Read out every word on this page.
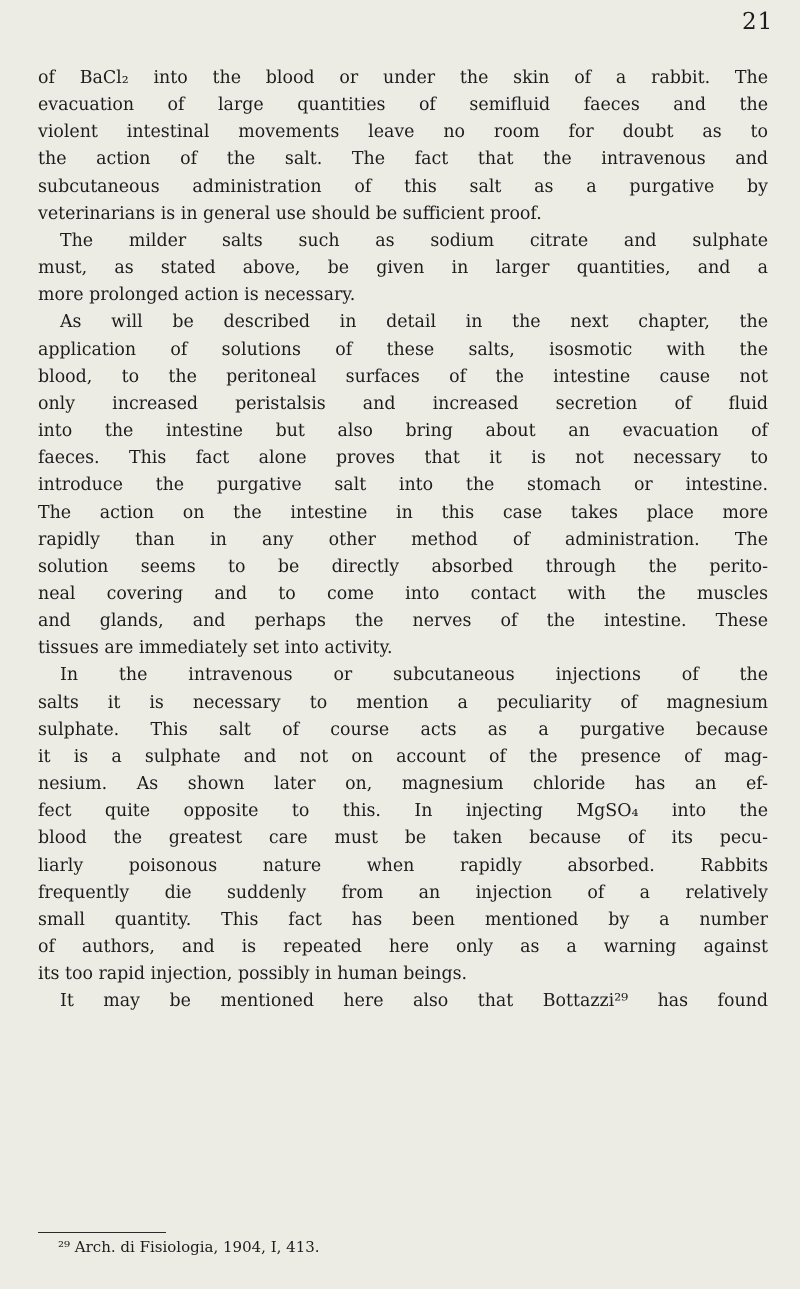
21
of BaCl₂ into the blood or under the skin of a rabbit. The
evacuation of large quantities of semifluid faeces and the
violent intestinal movements leave no room for doubt as to
the action of the salt. The fact that the intravenous and
subcutaneous administration of this salt as a purgative by
veterinarians is in general use should be sufficient proof.
The milder salts such as sodium citrate and sulphate
must, as stated above, be given in larger quantities, and a
more prolonged action is necessary.
As will be described in detail in the next chapter, the
application of solutions of these salts, isosmotic with the
blood, to the peritoneal surfaces of the intestine cause not
only increased peristalsis and increased secretion of fluid
into the intestine but also bring about an evacuation of
faeces. This fact alone proves that it is not necessary to
introduce the purgative salt into the stomach or intestine.
The action on the intestine in this case takes place more
rapidly than in any other method of administration. The
solution seems to be directly absorbed through the perito-
neal covering and to come into contact with the muscles
and glands, and perhaps the nerves of the intestine. These
tissues are immediately set into activity.
In the intravenous or subcutaneous injections of the
salts it is necessary to mention a peculiarity of magnesium
sulphate. This salt of course acts as a purgative because
it is a sulphate and not on account of the presence of mag-
nesium. As shown later on, magnesium chloride has an ef-
fect quite opposite to this. In injecting MgSO₄ into the
blood the greatest care must be taken because of its pecu-
liarly poisonous nature when rapidly absorbed. Rabbits
frequently die suddenly from an injection of a relatively
small quantity. This fact has been mentioned by a number
of authors, and is repeated here only as a warning against
its too rapid injection, possibly in human beings.
It may be mentioned here also that Bottazzi²⁹ has found
²⁹ Arch. di Fisiologia, 1904, I, 413.
